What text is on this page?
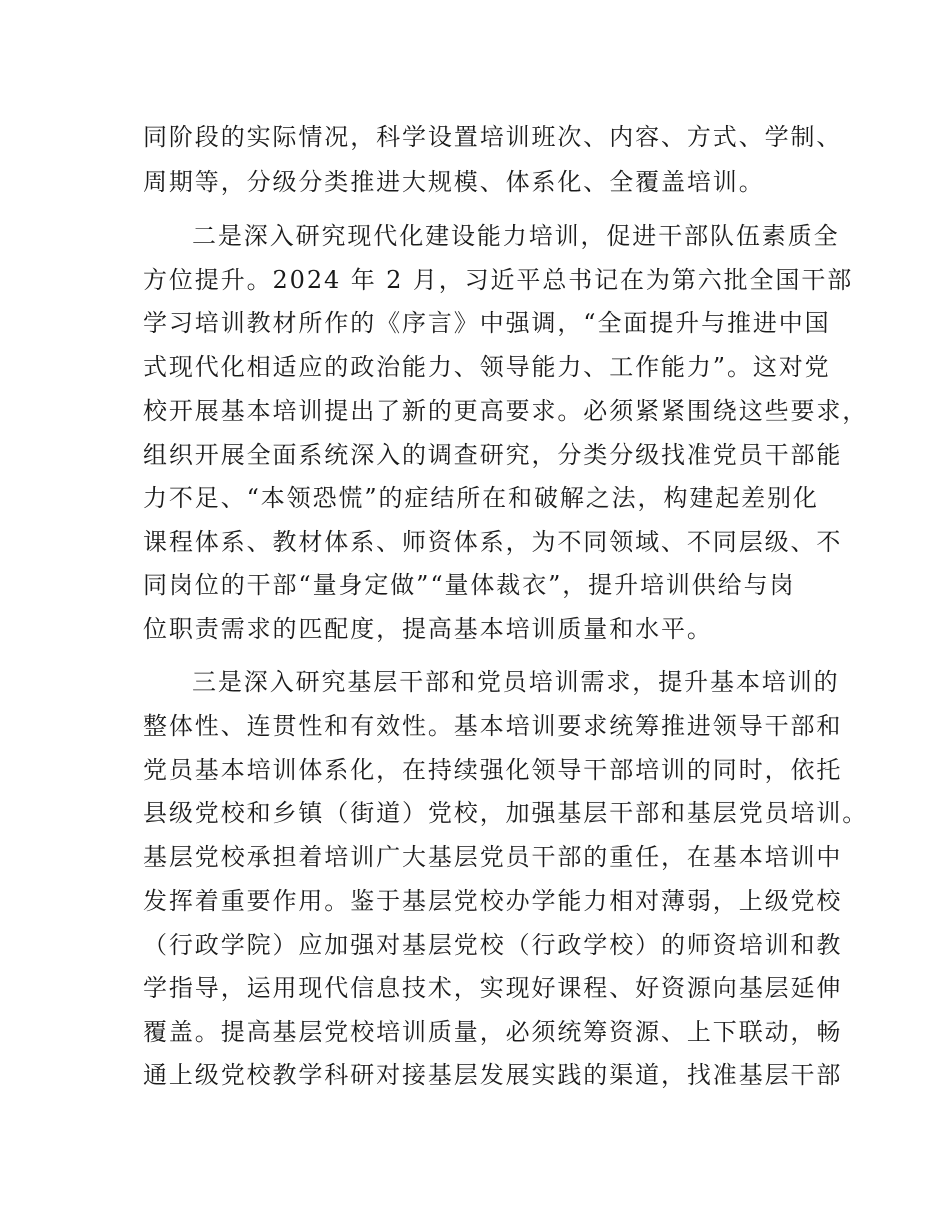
同阶段的实际情况，科学设置培训班次、内容、方式、学制、

周期等，分级分类推进大规模、体系化、全覆盖培训。

二是深入研究现代化建设能力培训，促进干部队伍素质全

方位提升。2024 年 2 月，习近平总书记在为第六批全国干部

学习培训教材所作的《序言》中强调，“全面提升与推进中国

式现代化相适应的政治能力、领导能力、工作能力”。这对党

校开展基本培训提出了新的更高要求。必须紧紧围绕这些要求，

组织开展全面系统深入的调查研究，分类分级找准党员干部能

力不足、“本领恐慌”的症结所在和破解之法，构建起差别化

课程体系、教材体系、师资体系，为不同领域、不同层级、不

同岗位的干部“量身定做”“量体裁衣”，提升培训供给与岗

位职责需求的匹配度，提高基本培训质量和水平。

三是深入研究基层干部和党员培训需求，提升基本培训的

整体性、连贯性和有效性。基本培训要求统筹推进领导干部和

党员基本培训体系化，在持续强化领导干部培训的同时，依托

县级党校和乡镇（街道）党校，加强基层干部和基层党员培训。

基层党校承担着培训广大基层党员干部的重任，在基本培训中

发挥着重要作用。鉴于基层党校办学能力相对薄弱，上级党校

（行政学院）应加强对基层党校（行政学校）的师资培训和教

学指导，运用现代信息技术，实现好课程、好资源向基层延伸

覆盖。提高基层党校培训质量，必须统筹资源、上下联动，畅

通上级党校教学科研对接基层发展实践的渠道，找准基层干部
